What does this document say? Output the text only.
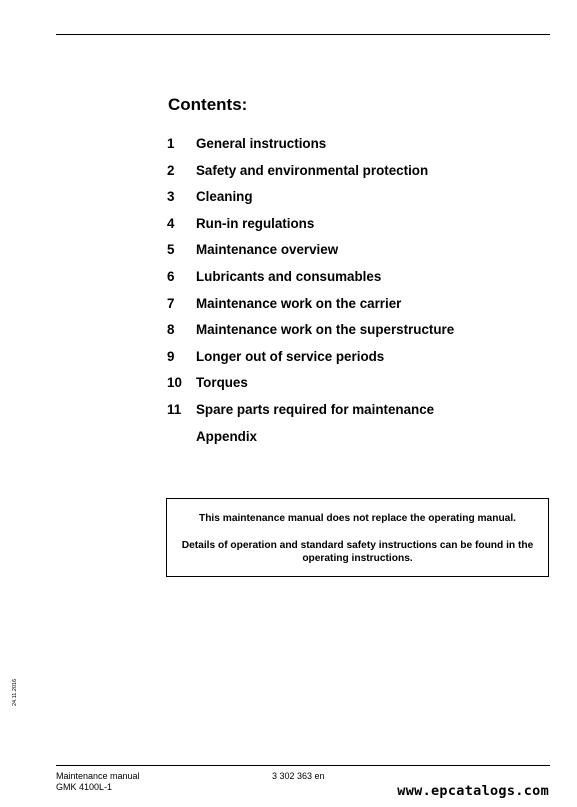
Contents:
1	General instructions
2	Safety and environmental protection
3	Cleaning
4	Run-in regulations
5	Maintenance overview
6	Lubricants and consumables
7	Maintenance work on the carrier
8	Maintenance work on the superstructure
9	Longer out of service periods
10	Torques
11	Spare parts required for maintenance
Appendix
This maintenance manual does not replace the operating manual.
Details of operation and standard safety instructions can be found in the operating instructions.
24.11.2016
Maintenance manual
GMK 4100L-1
3 302 363 en
www.epcatalogs.com
